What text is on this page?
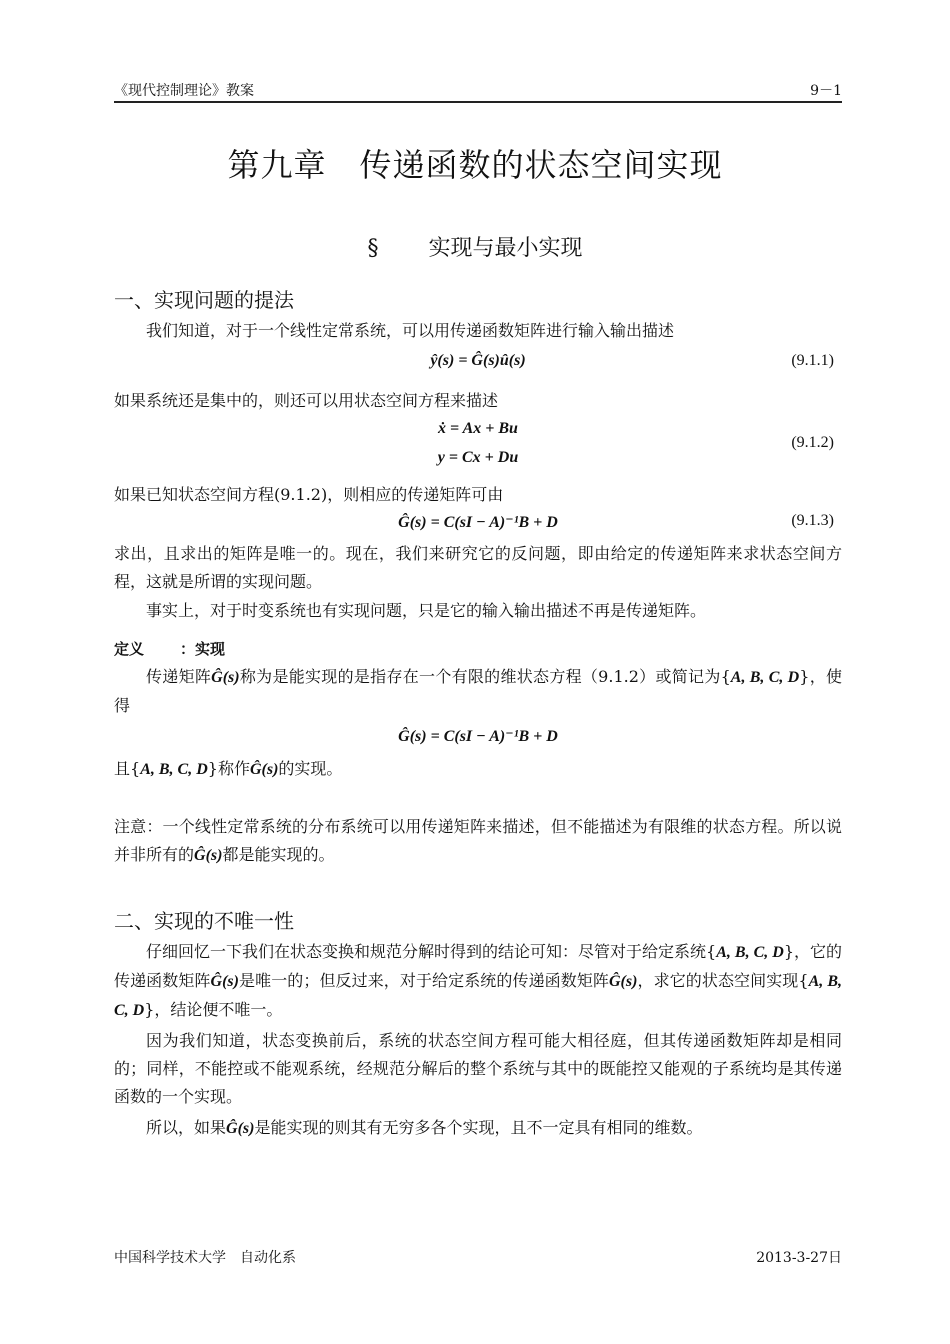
《现代控制理论》教案	9－1
第九章　传递函数的状态空间实现
§ 实现与最小实现
一、实现问题的提法
我们知道，对于一个线性定常系统，可以用传递函数矩阵进行输入输出描述
ŷ(s) = Ĝ(s)û(s)	(9.1.1)
如果系统还是集中的，则还可以用状态空间方程来描述
ẋ = Ax + Bu
y = Cx + Du
(9.1.2)
如果已知状态空间方程(9.1.2)，则相应的传递矩阵可由
Ĝ(s) = C(sI − A)⁻¹B + D	(9.1.3)
求出，且求出的矩阵是唯一的。现在，我们来研究它的反问题，即由给定的传递矩阵来求状态空间方程，这就是所谓的实现问题。
事实上，对于时变系统也有实现问题，只是它的输入输出描述不再是传递矩阵。
定义 ：实现
传递矩阵Ĝ(s)称为是能实现的是指存在一个有限的维状态方程（9.1.2）或简记为{A, B, C, D}，使得
Ĝ(s) = C(sI − A)⁻¹B + D
且{A, B, C, D}称作Ĝ(s)的实现。
注意：一个线性定常系统的分布系统可以用传递矩阵来描述，但不能描述为有限维的状态方程。所以说并非所有的Ĝ(s)都是能实现的。
二、实现的不唯一性
仔细回忆一下我们在状态变换和规范分解时得到的结论可知：尽管对于给定系统{A, B, C, D}，它的传递函数矩阵Ĝ(s)是唯一的；但反过来，对于给定系统的传递函数矩阵Ĝ(s)，求它的状态空间实现{A, B, C, D}，结论便不唯一。
因为我们知道，状态变换前后，系统的状态空间方程可能大相径庭，但其传递函数矩阵却是相同的；同样，不能控或不能观系统，经规范分解后的整个系统与其中的既能控又能观的子系统均是其传递函数的一个实现。
所以，如果Ĝ(s)是能实现的则其有无穷多各个实现，且不一定具有相同的维数。
中国科学技术大学　自动化系	2013-3-27日
